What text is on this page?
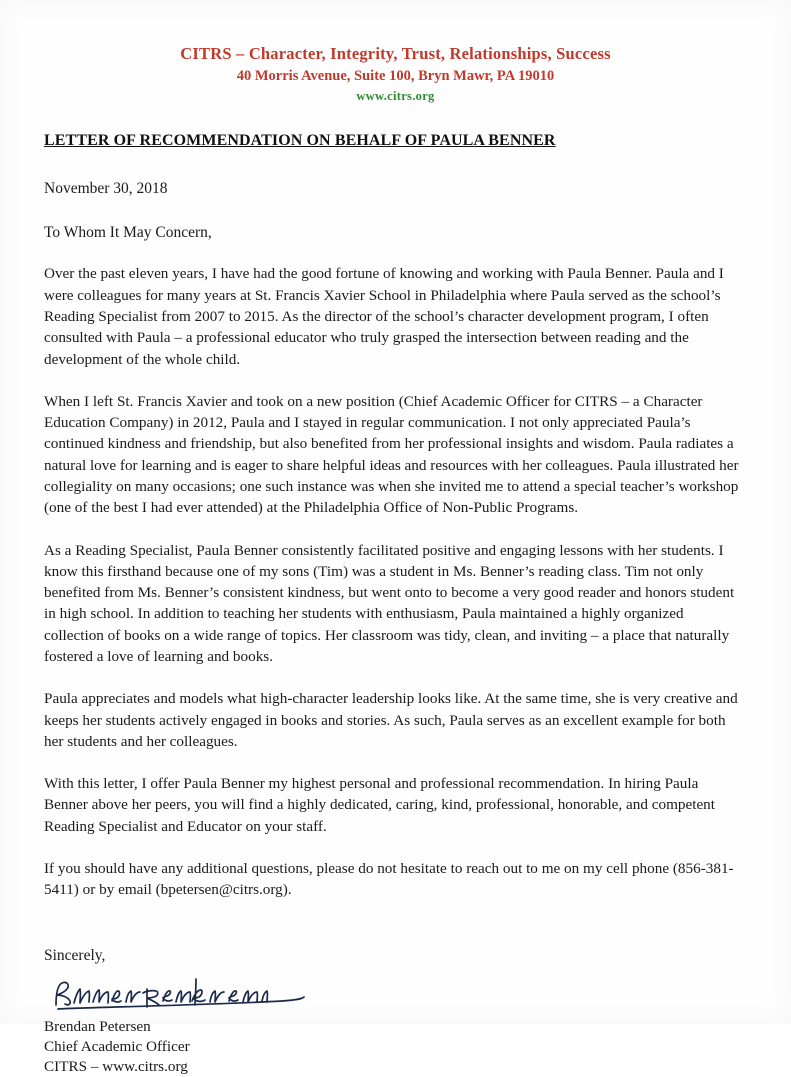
CITRS – Character, Integrity, Trust, Relationships, Success
40 Morris Avenue, Suite 100, Bryn Mawr, PA 19010
www.citrs.org
LETTER OF RECOMMENDATION ON BEHALF OF PAULA BENNER
November 30, 2018
To Whom It May Concern,

Over the past eleven years, I have had the good fortune of knowing and working with Paula Benner. Paula and I were colleagues for many years at St. Francis Xavier School in Philadelphia where Paula served as the school’s Reading Specialist from 2007 to 2015. As the director of the school’s character development program, I often consulted with Paula – a professional educator who truly grasped the intersection between reading and the development of the whole child.

When I left St. Francis Xavier and took on a new position (Chief Academic Officer for CITRS – a Character Education Company) in 2012, Paula and I stayed in regular communication. I not only appreciated Paula’s continued kindness and friendship, but also benefited from her professional insights and wisdom. Paula radiates a natural love for learning and is eager to share helpful ideas and resources with her colleagues. Paula illustrated her collegiality on many occasions; one such instance was when she invited me to attend a special teacher’s workshop (one of the best I had ever attended) at the Philadelphia Office of Non-Public Programs.

As a Reading Specialist, Paula Benner consistently facilitated positive and engaging lessons with her students. I know this firsthand because one of my sons (Tim) was a student in Ms. Benner’s reading class. Tim not only benefited from Ms. Benner’s consistent kindness, but went onto to become a very good reader and honors student in high school. In addition to teaching her students with enthusiasm, Paula maintained a highly organized collection of books on a wide range of topics. Her classroom was tidy, clean, and inviting – a place that naturally fostered a love of learning and books.

Paula appreciates and models what high-character leadership looks like. At the same time, she is very creative and keeps her students actively engaged in books and stories. As such, Paula serves as an excellent example for both her students and her colleagues.

With this letter, I offer Paula Benner my highest personal and professional recommendation. In hiring Paula Benner above her peers, you will find a highly dedicated, caring, kind, professional, honorable, and competent Reading Specialist and Educator on your staff.

If you should have any additional questions, please do not hesitate to reach out to me on my cell phone (856-381-5411) or by email (bpetersen@citrs.org).

Sincerely,
Brendan Petersen
Chief Academic Officer
CITRS – www.citrs.org
